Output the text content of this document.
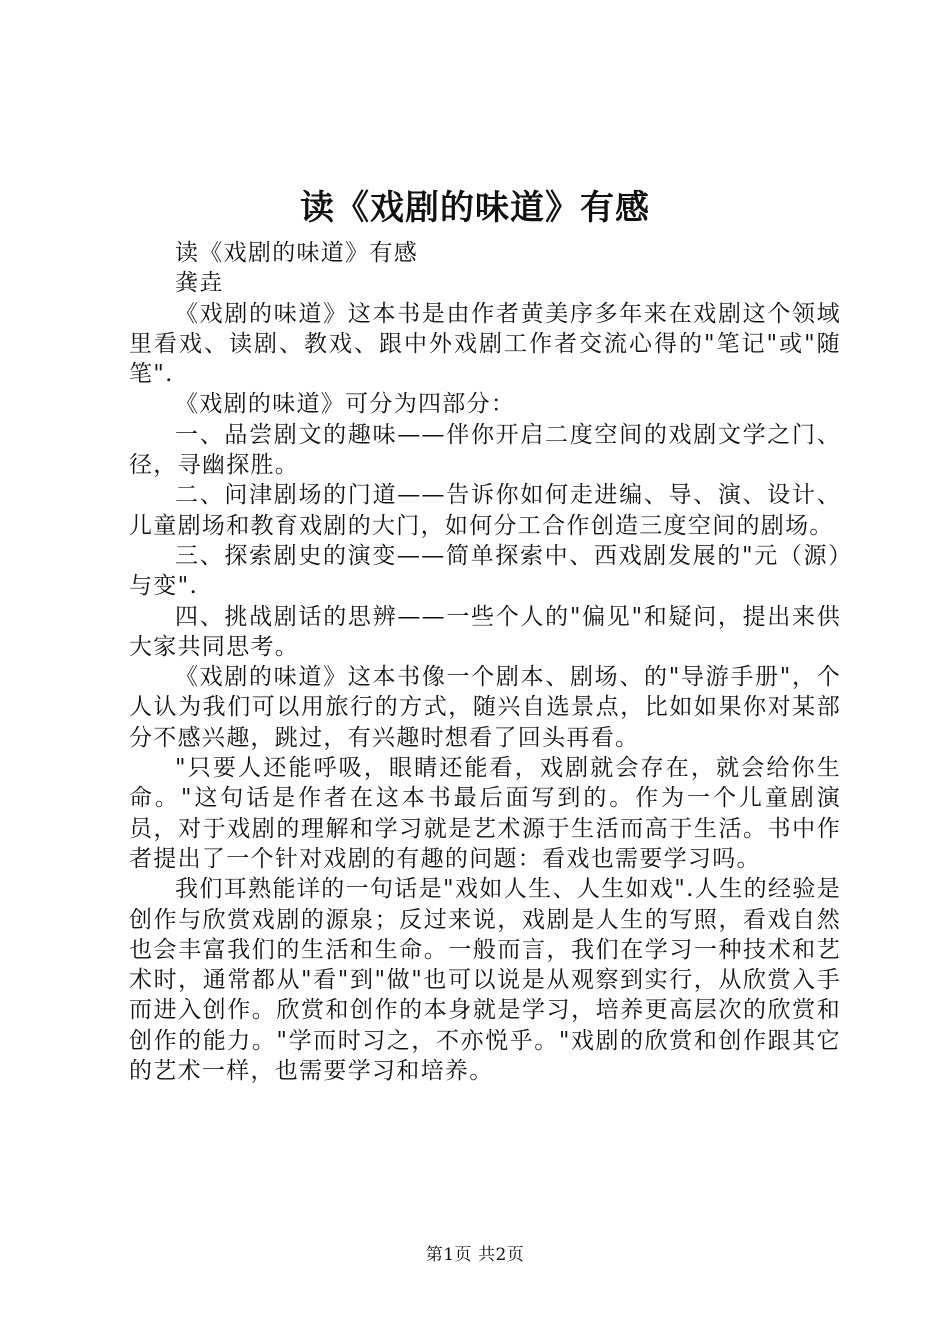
读《戏剧的味道》有感

读《戏剧的味道》有感

龚垚

《戏剧的味道》这本书是由作者黄美序多年来在戏剧这个领域里看戏、读剧、教戏、跟中外戏剧工作者交流心得的"笔记"或"随笔".

《戏剧的味道》可分为四部分：

一、品尝剧文的趣味——伴你开启二度空间的戏剧文学之门、径，寻幽探胜。

二、问津剧场的门道——告诉你如何走进编、导、演、设计、儿童剧场和教育戏剧的大门，如何分工合作创造三度空间的剧场。

三、探索剧史的演变——简单探索中、西戏剧发展的"元（源）与变".

四、挑战剧话的思辨——一些个人的"偏见"和疑问，提出来供大家共同思考。

《戏剧的味道》这本书像一个剧本、剧场、的"导游手册"，个人认为我们可以用旅行的方式，随兴自选景点，比如如果你对某部分不感兴趣，跳过，有兴趣时想看了回头再看。

"只要人还能呼吸，眼睛还能看，戏剧就会存在，就会给你生命。"这句话是作者在这本书最后面写到的。作为一个儿童剧演员，对于戏剧的理解和学习就是艺术源于生活而高于生活。书中作者提出了一个针对戏剧的有趣的问题：看戏也需要学习吗。

我们耳熟能详的一句话是"戏如人生、人生如戏".人生的经验是创作与欣赏戏剧的源泉；反过来说，戏剧是人生的写照，看戏自然也会丰富我们的生活和生命。一般而言，我们在学习一种技术和艺术时，通常都从"看"到"做"也可以说是从观察到实行，从欣赏入手而进入创作。欣赏和创作的本身就是学习，培养更高层次的欣赏和创作的能力。"学而时习之，不亦悦乎。"戏剧的欣赏和创作跟其它的艺术一样，也需要学习和培养。

第1页 共2页
